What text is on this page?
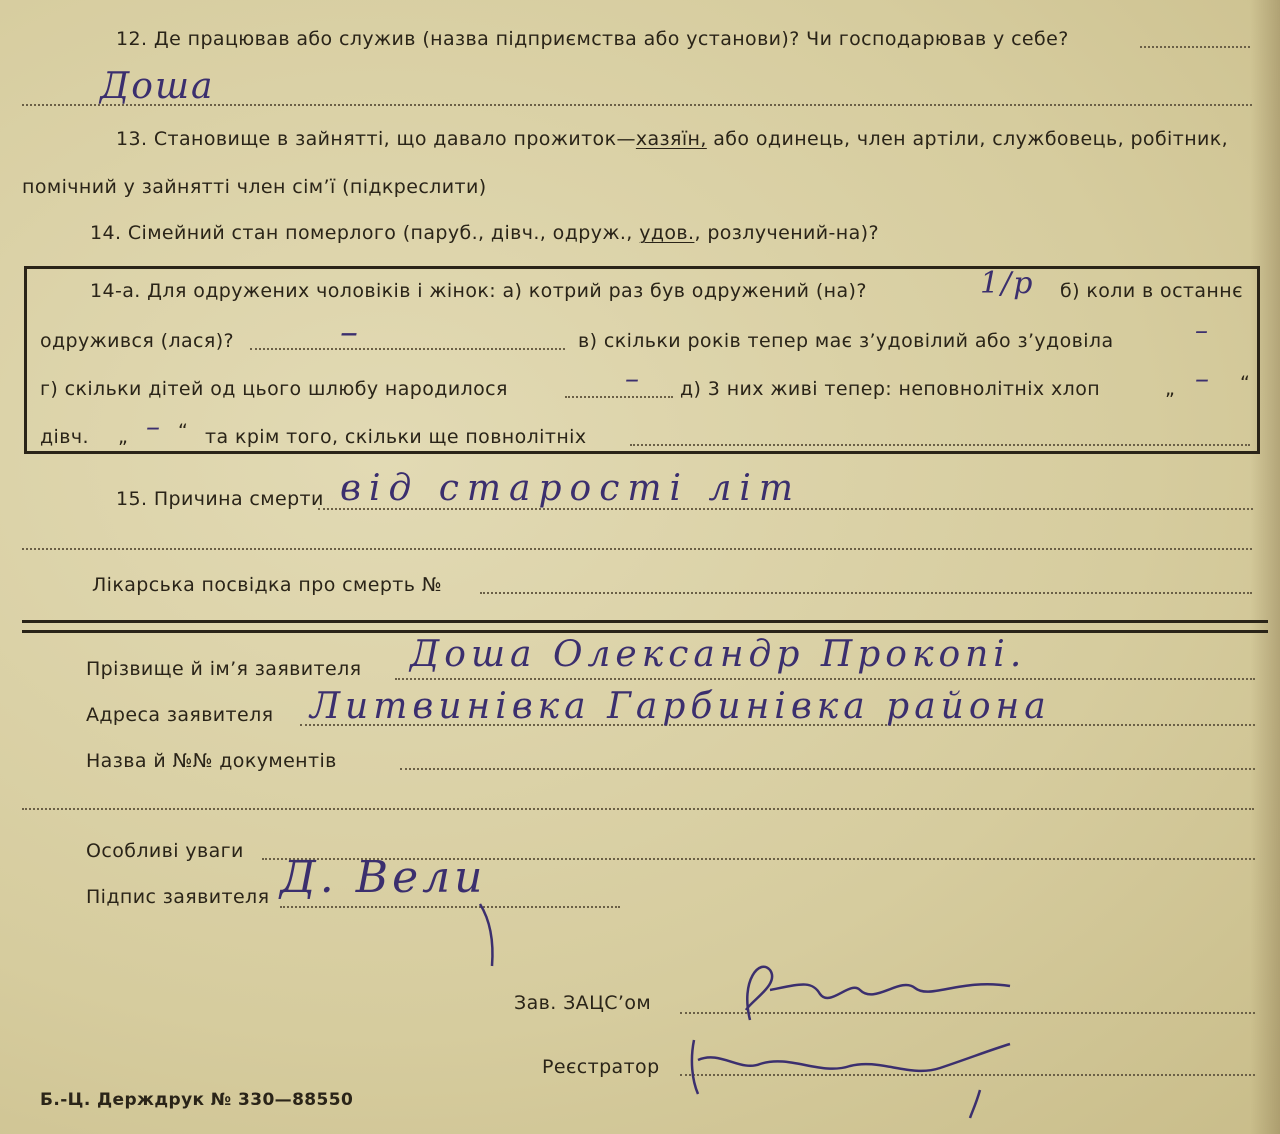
12. Де працював або служив (назва підприємства або установи)? Чи господарював у себе?
Доша
13. Становище в зайнятті, що давало прожиток—хазяїн, або одинець, член артіли, службовець, робітник,
помічний у зайнятті член сім’ї (підкреслити)
14. Сімейний стан померлого (паруб., дівч., одруж., удов., розлучений-на)?
14-а. Для одружених чоловіків і жінок: а) котрий раз був одружений (на)?	1/р б) коли в останнє
одружився (лася)?	–	в) скільки років тепер має з’удовілий або з’удовіла	–
г) скільки дітей од цього шлюбу народилося	– д) 3 них живі тепер: неповнолітніх хлоп	„ – “
дівч. „ – “ та крім того, скільки ще повнолітніх
15. Причина смерти від старості літ
Лікарська посвідка про смерть №
Прізвище й ім’я заявителя Доша Олександр Прокопі.
Адреса заявителя Литвинівка Гарбинівка района
Назва й №№ документів
Особливі уваги
Підпис заявителя Д. Вели
Зав. ЗАЦС’ом
Реєстратор
Б.-Ц. Держдрук № 330—88550
